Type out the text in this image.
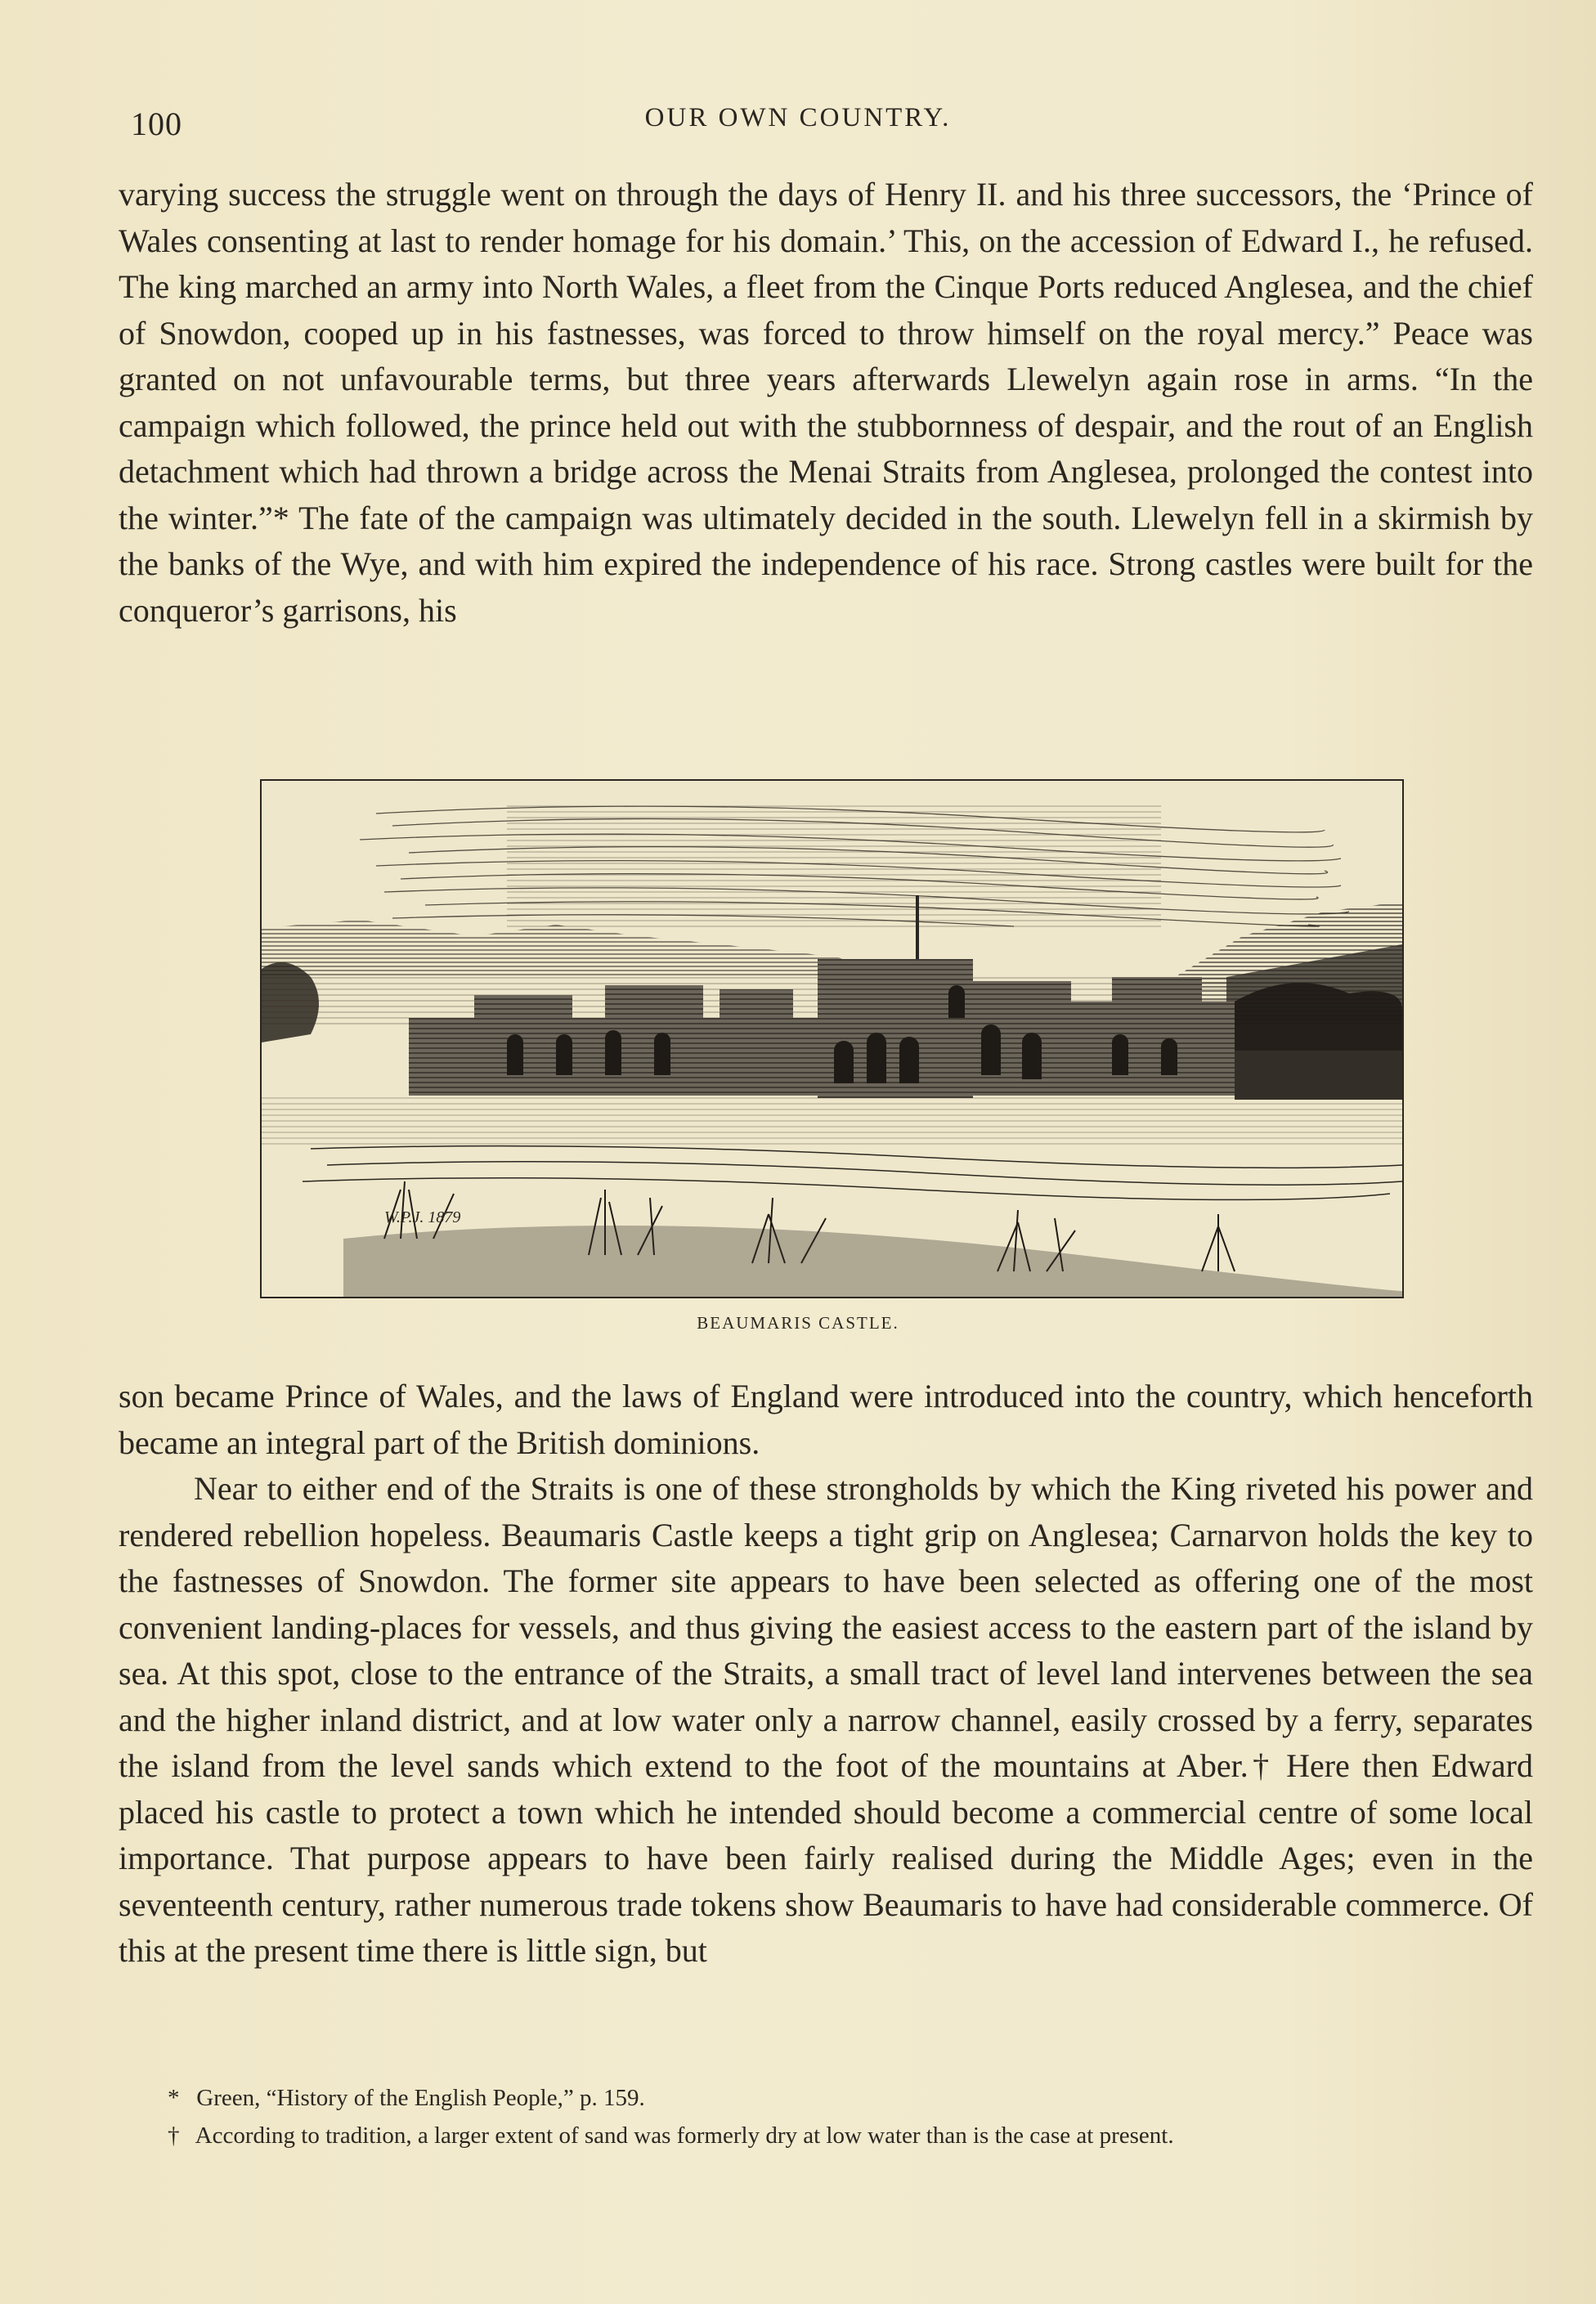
100	OUR OWN COUNTRY.

varying success the struggle went on through the days of Henry II. and his three successors, the ‘Prince of Wales consenting at last to render homage for his domain.’ This, on the accession of Edward I., he refused. The king marched an army into North Wales, a fleet from the Cinque Ports reduced Anglesea, and the chief of Snowdon, cooped up in his fastnesses, was forced to throw himself on the royal mercy.” Peace was granted on not unfavourable terms, but three years afterwards Llewelyn again rose in arms. “In the campaign which followed, the prince held out with the stubbornness of despair, and the rout of an English detachment which had thrown a bridge across the Menai Straits from Anglesea, prolonged the contest into the winter.”* The fate of the campaign was ultimately decided in the south. Llewelyn fell in a skirmish by the banks of the Wye, and with him expired the independence of his race. Strong castles were built for the conqueror’s garrisons, his

W.P.J. 1879
BEAUMARIS CASTLE.

son became Prince of Wales, and the laws of England were introduced into the country, which henceforth became an integral part of the British dominions.

Near to either end of the Straits is one of these strongholds by which the King riveted his power and rendered rebellion hopeless. Beaumaris Castle keeps a tight grip on Anglesea; Carnarvon holds the key to the fastnesses of Snowdon. The former site appears to have been selected as offering one of the most convenient landing-places for vessels, and thus giving the easiest access to the eastern part of the island by sea. At this spot, close to the entrance of the Straits, a small tract of level land intervenes between the sea and the higher inland district, and at low water only a narrow channel, easily crossed by a ferry, separates the island from the level sands which extend to the foot of the mountains at Aber.† Here then Edward placed his castle to protect a town which he intended should become a commercial centre of some local importance. That purpose appears to have been fairly realised during the Middle Ages; even in the seventeenth century, rather numerous trade tokens show Beaumaris to have had considerable commerce. Of this at the present time there is little sign, but

* Green, “History of the English People,” p. 159.

† According to tradition, a larger extent of sand was formerly dry at low water than is the case at present.
